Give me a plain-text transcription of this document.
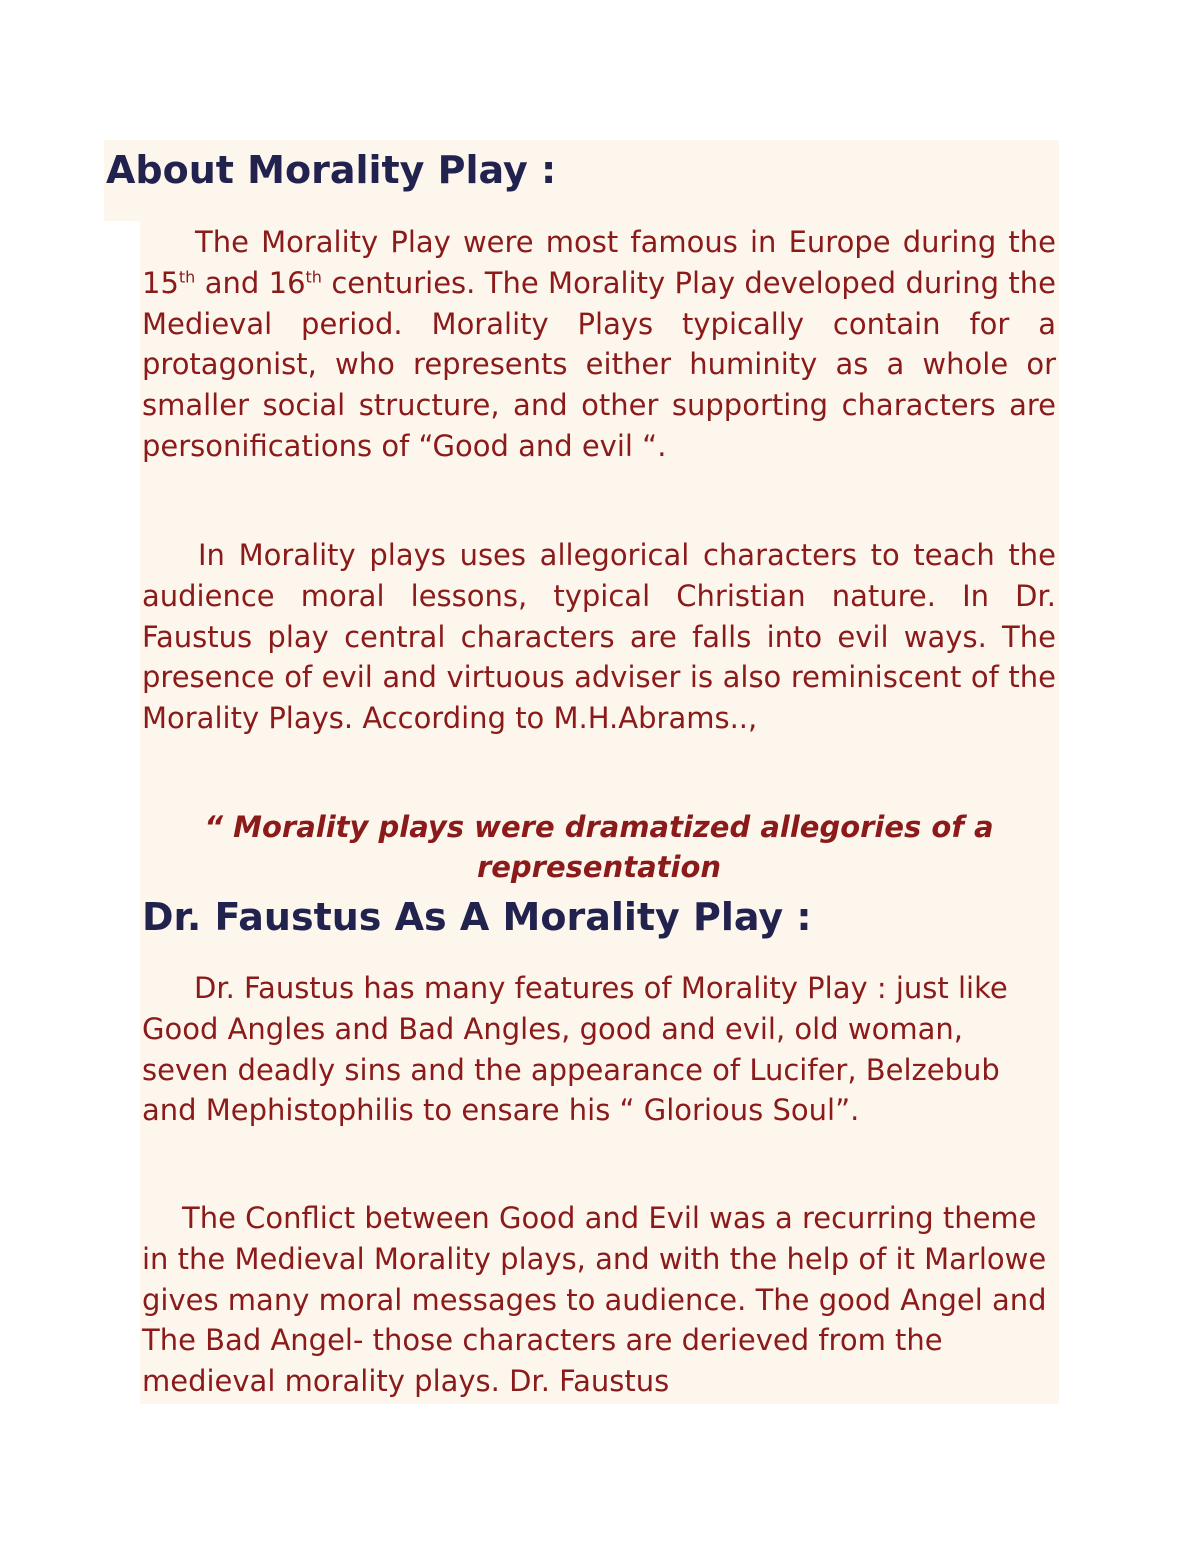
About Morality Play :

The Morality Play were most famous in Europe during the 15th and 16th centuries. The Morality Play developed during the Medieval period. Morality Plays typically contain for a protagonist, who represents either huminity as a whole or smaller social structure, and other supporting characters are personifications of “Good and evil “.

In Morality plays uses allegorical characters to teach the audience moral lessons, typical Christian nature. In Dr. Faustus play central characters are falls into evil ways. The presence of evil and virtuous adviser is also reminiscent of the Morality Plays. According to M.H.Abrams..,

“ Morality plays were dramatized allegories of a representation

Dr. Faustus As A Morality Play :

Dr. Faustus has many features of Morality Play : just like Good Angles and Bad Angles, good and evil, old woman, seven deadly sins and the appearance of Lucifer, Belzebub and Mephistophilis to ensare his “ Glorious Soul”.

The Conflict between Good and Evil was a recurring theme in the Medieval Morality plays, and with the help of it Marlowe gives many moral messages to audience. The good Angel and The Bad Angel- those characters are derieved from the medieval morality plays. Dr. Faustus
